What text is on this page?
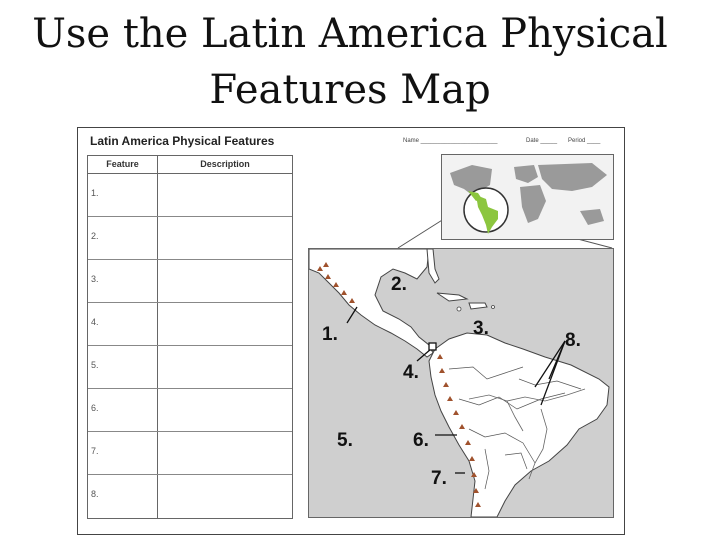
Use the Latin America Physical
Features Map
Latin America Physical Features	Name _______________________	Date _____ Period ____
Feature	Description
1.
2.
3.
4.
5.
6.
7.
8.
2.
1.	3.
8.
4.
5.	6.
7.
